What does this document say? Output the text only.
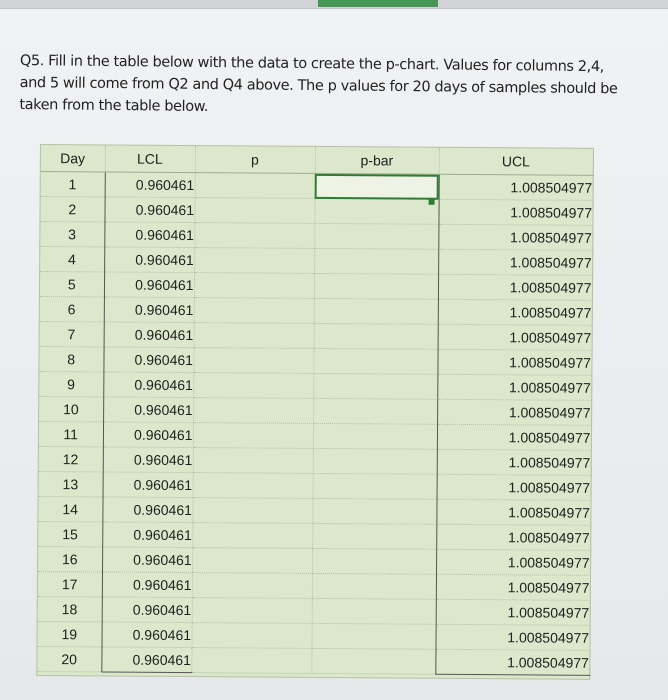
Q5. Fill in the table below with the data to create the p-chart. Values for columns 2,4, and 5 will come from Q2 and Q4 above. The p values for 20 days of samples should be taken from the table below.
Day	LCL	p	p-bar	UCL
1	0.960461			1.008504977
2	0.960461			1.008504977
3	0.960461			1.008504977
4	0.960461			1.008504977
5	0.960461			1.008504977
6	0.960461			1.008504977
7	0.960461			1.008504977
8	0.960461			1.008504977
9	0.960461			1.008504977
10	0.960461			1.008504977
11	0.960461			1.008504977
12	0.960461			1.008504977
13	0.960461			1.008504977
14	0.960461			1.008504977
15	0.960461			1.008504977
16	0.960461			1.008504977
17	0.960461			1.008504977
18	0.960461			1.008504977
19	0.960461			1.008504977
20	0.960461			1.008504977
